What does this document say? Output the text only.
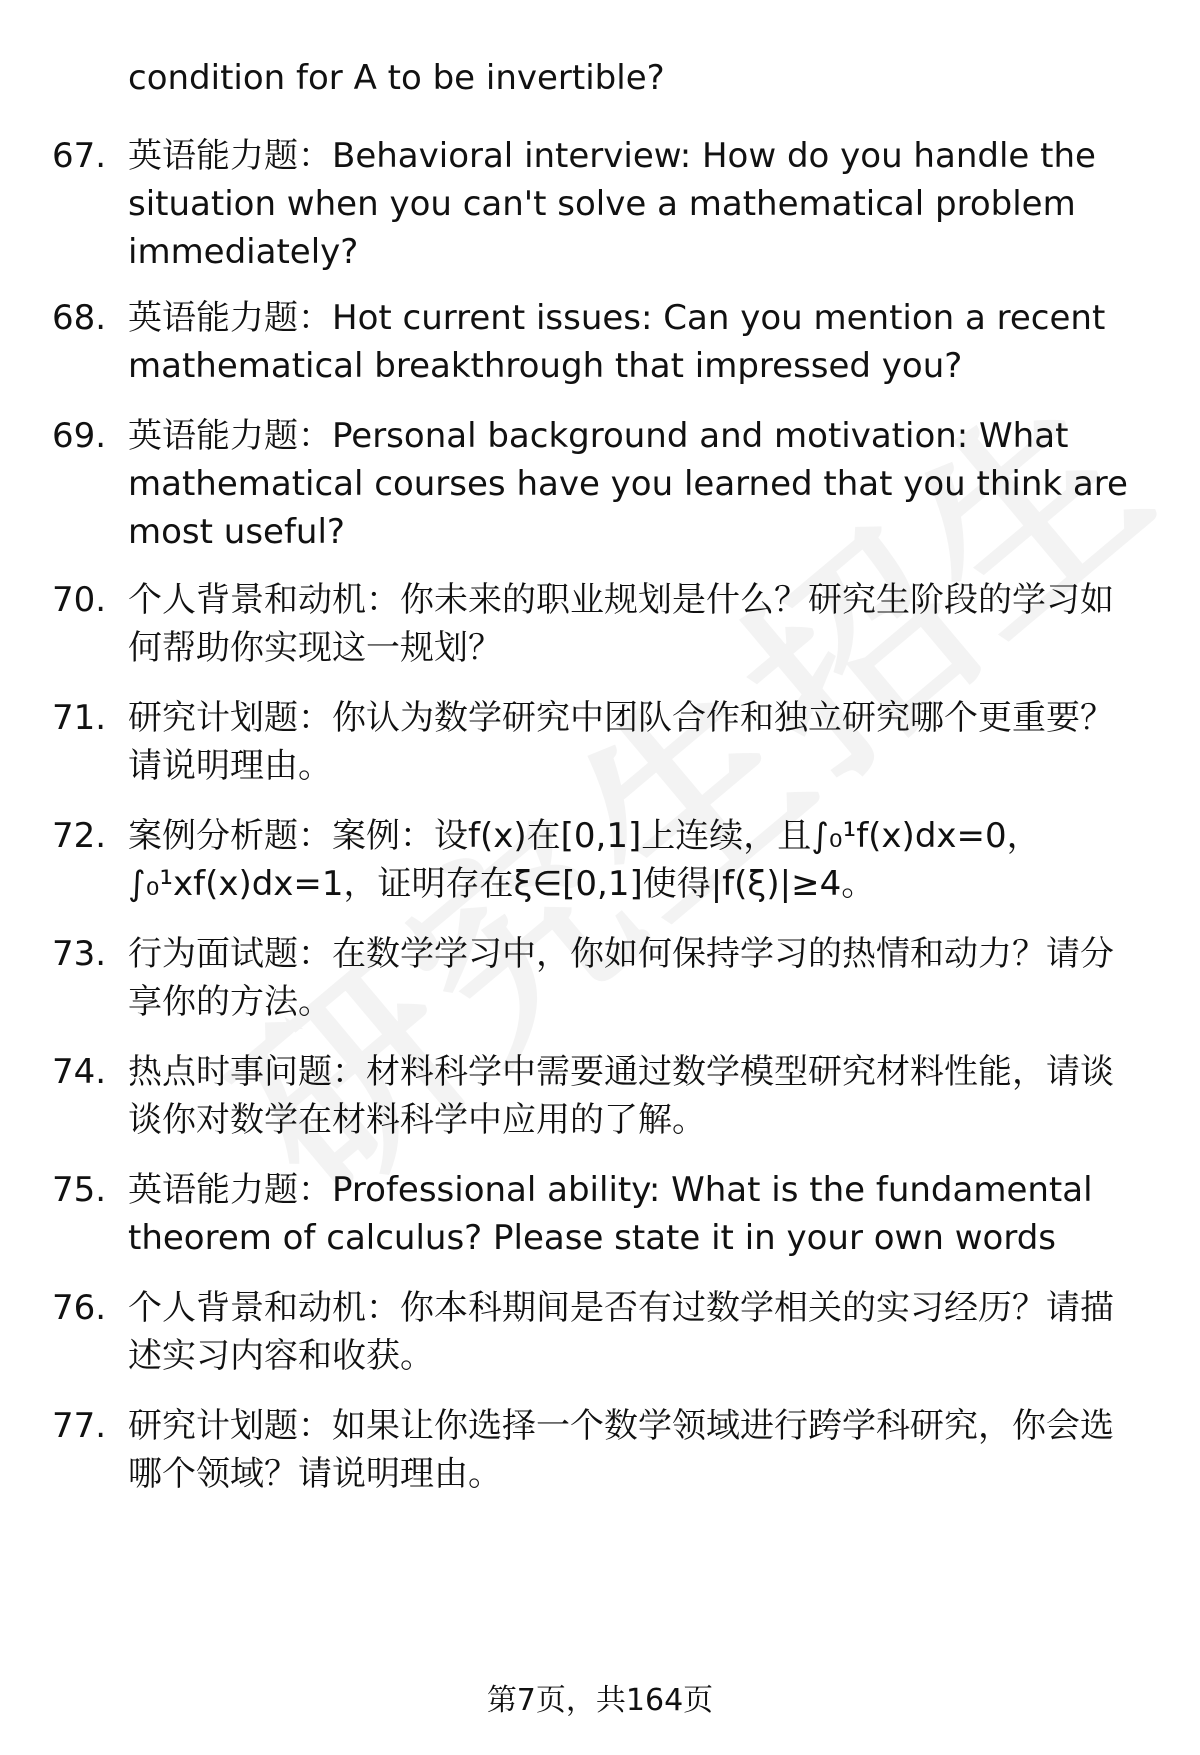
condition for A to be invertible?

67. 英语能力题：Behavioral interview: How do you handle the situation when you can't solve a mathematical problem immediately?
68. 英语能力题：Hot current issues: Can you mention a recent mathematical breakthrough that impressed you?
69. 英语能力题：Personal background and motivation: What mathematical courses have you learned that you think are most useful?
70. 个人背景和动机：你未来的职业规划是什么？研究生阶段的学习如何帮助你实现这一规划？
71. 研究计划题：你认为数学研究中团队合作和独立研究哪个更重要？请说明理由。
72. 案例分析题：案例：设f(x)在[0,1]上连续，且∫₀¹f(x)dx=0，∫₀¹xf(x)dx=1，证明存在ξ∈[0,1]使得|f(ξ)|≥4。
73. 行为面试题：在数学学习中，你如何保持学习的热情和动力？请分享你的方法。
74. 热点时事问题：材料科学中需要通过数学模型研究材料性能，请谈谈你对数学在材料科学中应用的了解。
75. 英语能力题：Professional ability: What is the fundamental theorem of calculus? Please state it in your own words
76. 个人背景和动机：你本科期间是否有过数学相关的实习经历？请描述实习内容和收获。
77. 研究计划题：如果让你选择一个数学领域进行跨学科研究，你会选哪个领域？请说明理由。
第7页，共164页
